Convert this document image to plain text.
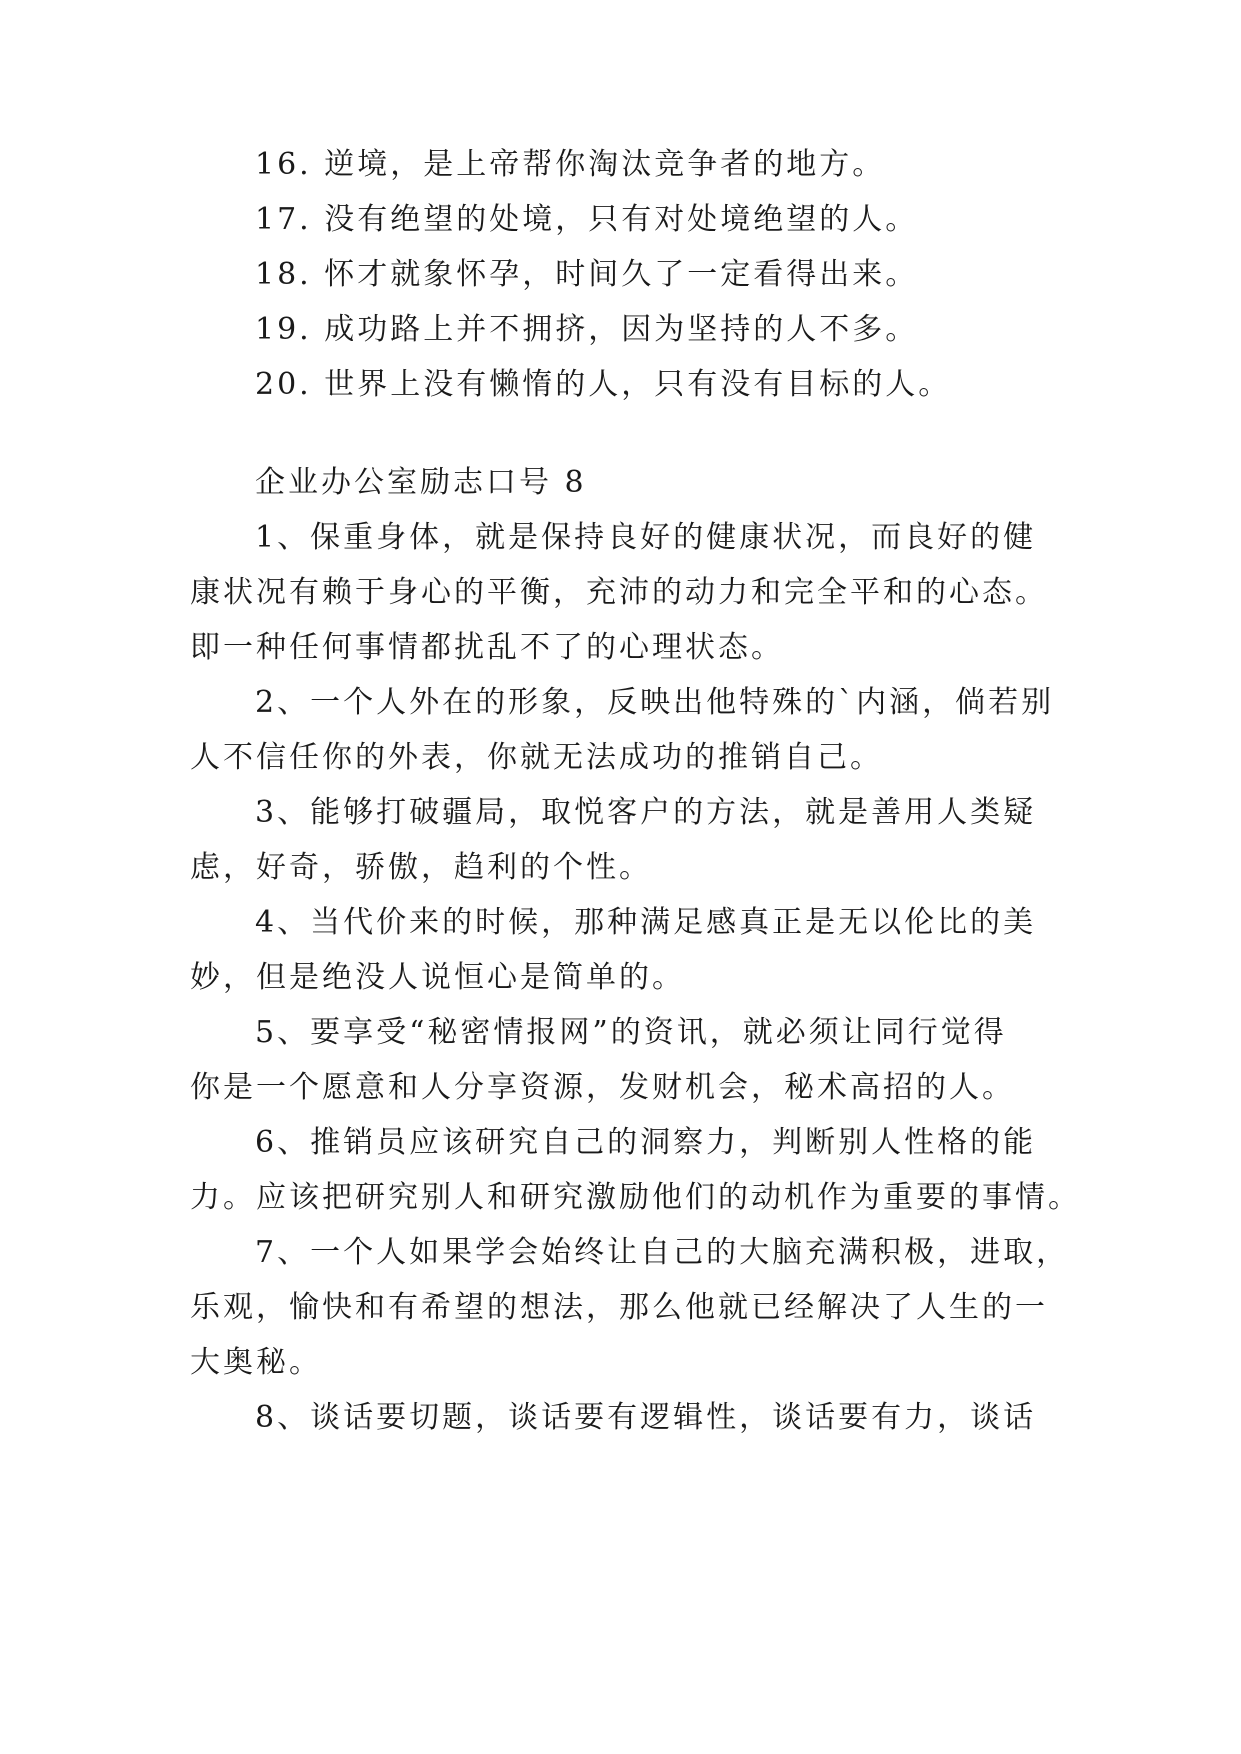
16. 逆境，是上帝帮你淘汰竞争者的地方。
17. 没有绝望的处境，只有对处境绝望的人。
18. 怀才就象怀孕，时间久了一定看得出来。
19. 成功路上并不拥挤，因为坚持的人不多。
20. 世界上没有懒惰的人，只有没有目标的人。
企业办公室励志口号 8
1、保重身体，就是保持良好的健康状况，而良好的健
康状况有赖于身心的平衡，充沛的动力和完全平和的心态。
即一种任何事情都扰乱不了的心理状态。
2、一个人外在的形象，反映出他特殊的`内涵，倘若别
人不信任你的外表，你就无法成功的推销自己。
3、能够打破疆局，取悦客户的方法，就是善用人类疑
虑，好奇，骄傲，趋利的个性。
4、当代价来的时候，那种满足感真正是无以伦比的美
妙，但是绝没人说恒心是简单的。
5、要享受“秘密情报网”的资讯，就必须让同行觉得
你是一个愿意和人分享资源，发财机会，秘术高招的人。
6、推销员应该研究自己的洞察力，判断别人性格的能
力。应该把研究别人和研究激励他们的动机作为重要的事情。
7、一个人如果学会始终让自己的大脑充满积极，进取，
乐观，愉快和有希望的想法，那么他就已经解决了人生的一
大奥秘。
8、谈话要切题，谈话要有逻辑性，谈话要有力，谈话
